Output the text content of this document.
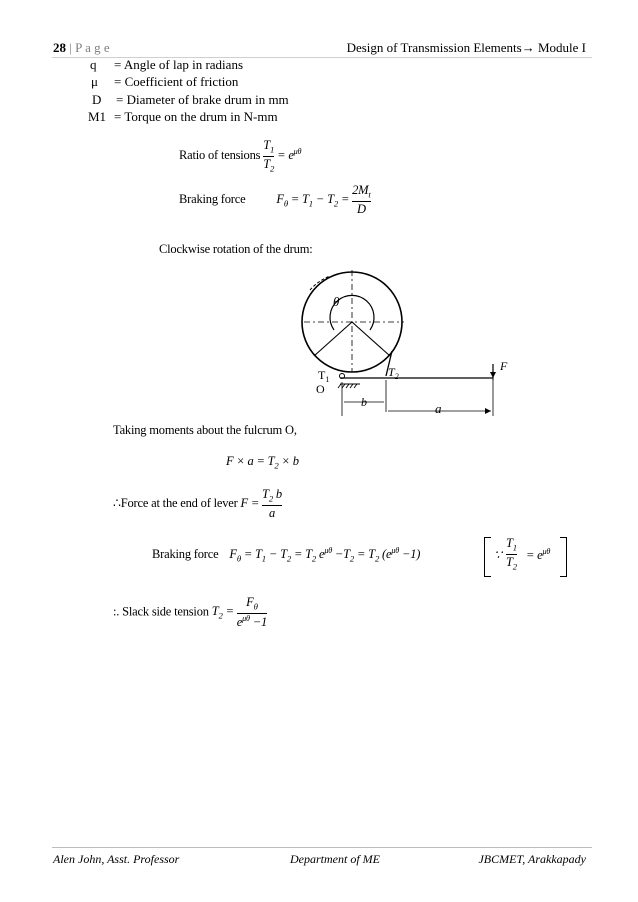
28 | P a g e	Design of Transmission Elements→ Module I
q	= Angle of lap in radians
μ	= Coefficient of friction
D	= Diameter of brake drum in mm
M1 = Torque on the drum in N-mm
Ratio of tensions $\frac{T_1}{T_2} = e^{\mu\theta}$
Braking force $F_\theta = T_1 - T_2 = \frac{2M_t}{D}$
Clockwise rotation of the drum:
θ
$T_1$
$T_2$
O
F
b	a
Taking moments about the fulcrum O,
$F \times a = T_2 \times b$
∴Force at the end of lever $F = \frac{T_2 b}{a}$
Braking force $F_\theta = T_1 - T_2 = T_2$ $e^{\mu\theta} -T_2 = T_2$ $(e^{\mu\theta} -1)$	∵
$T_1$
$T_2$
= $e^{\mu\theta}$
:. Slack side tension $T_2 = \frac{F_\theta}{e^{\mu\theta} -1}$
Alen John, Asst. Professor	Department of ME	JBCMET, Arakkapady
